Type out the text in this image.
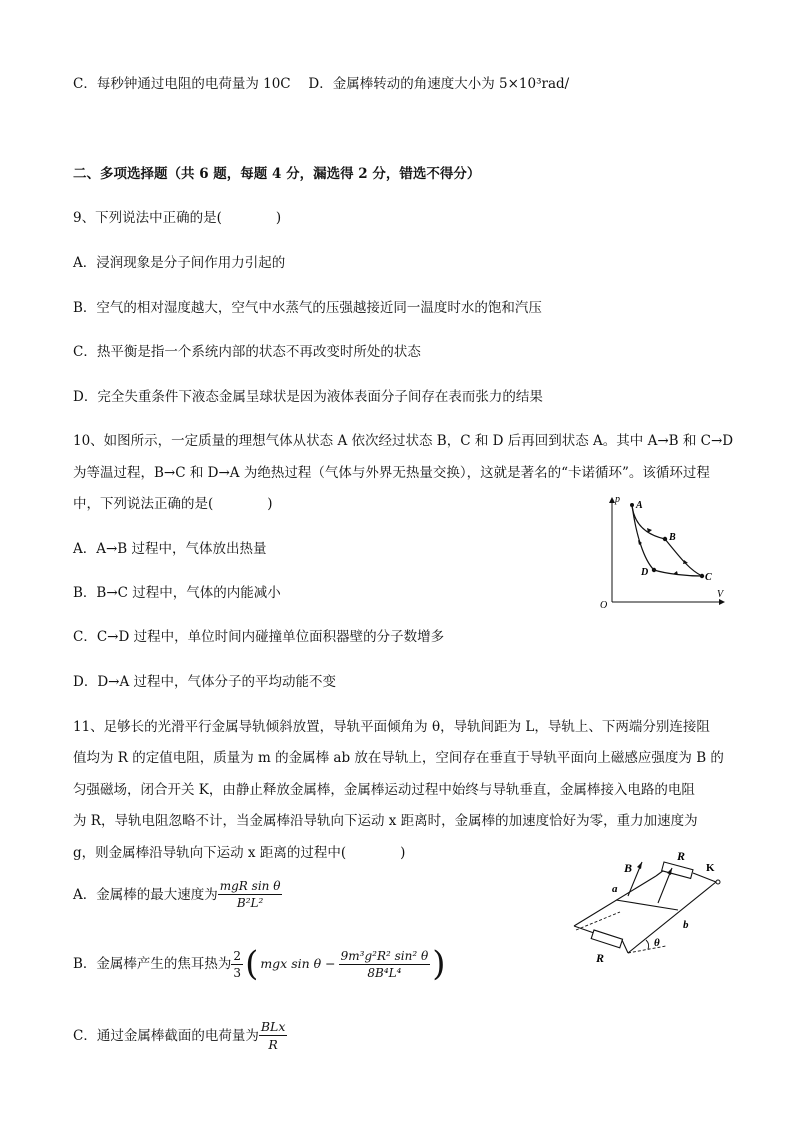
C．每秒钟通过电阻的电荷量为 10C　 D．金属棒转动的角速度大小为 5×10³rad/
二、多项选择题（共 6 题，每题 4 分，漏选得 2 分，错选不得分）
9、下列说法中正确的是(　　　　)
A．浸润现象是分子间作用力引起的
B．空气的相对湿度越大，空气中水蒸气的压强越接近同一温度时水的饱和汽压
C．热平衡是指一个系统内部的状态不再改变时所处的状态
D．完全失重条件下液态金属呈球状是因为液体表面分子间存在表而张力的结果
10、如图所示，一定质量的理想气体从状态 A 依次经过状态 B，C 和 D 后再回到状态 A。其中 A→B 和 C→D
为等温过程，B→C 和 D→A 为绝热过程（气体与外界无热量交换），这就是著名的“卡诺循环”。该循环过程
中，下列说法正确的是(　　　　)
A．A→B 过程中，气体放出热量
B．B→C 过程中，气体的内能减小
C．C→D 过程中，单位时间内碰撞单位面积器壁的分子数增多
D．D→A 过程中，气体分子的平均动能不变
p
V
O
A
B
C
D
11、足够长的光滑平行金属导轨倾斜放置，导轨平面倾角为 θ，导轨间距为 L，导轨上、下两端分别连接阻
值均为 R 的定值电阻，质量为 m 的金属棒 ab 放在导轨上，空间存在垂直于导轨平面向上磁感应强度为 B 的
匀强磁场，闭合开关 K，由静止释放金属棒，金属棒运动过程中始终与导轨垂直，金属棒接入电路的电阻
为 R，导轨电阻忽略不计，当金属棒沿导轨向下运动 x 距离时，金属棒的加速度恰好为零，重力加速度为
g，则金属棒沿导轨向下运动 x 距离的过程中(　　　　)
A．金属棒的最大速度为 $\frac{\text{mgR sin θ}}{\text{B²L²}}$
B．金属棒产生的焦耳热为 $\frac{2}{3}$ ( mgx $\sin \theta - \frac{\text{9m³g²R² sin² θ}}{\text{8B⁴L⁴}}$ )
C．通过金属棒截面的电荷量为 $\frac{\text{BLx}}{R}$
B
R
K
a
b
θ
R
